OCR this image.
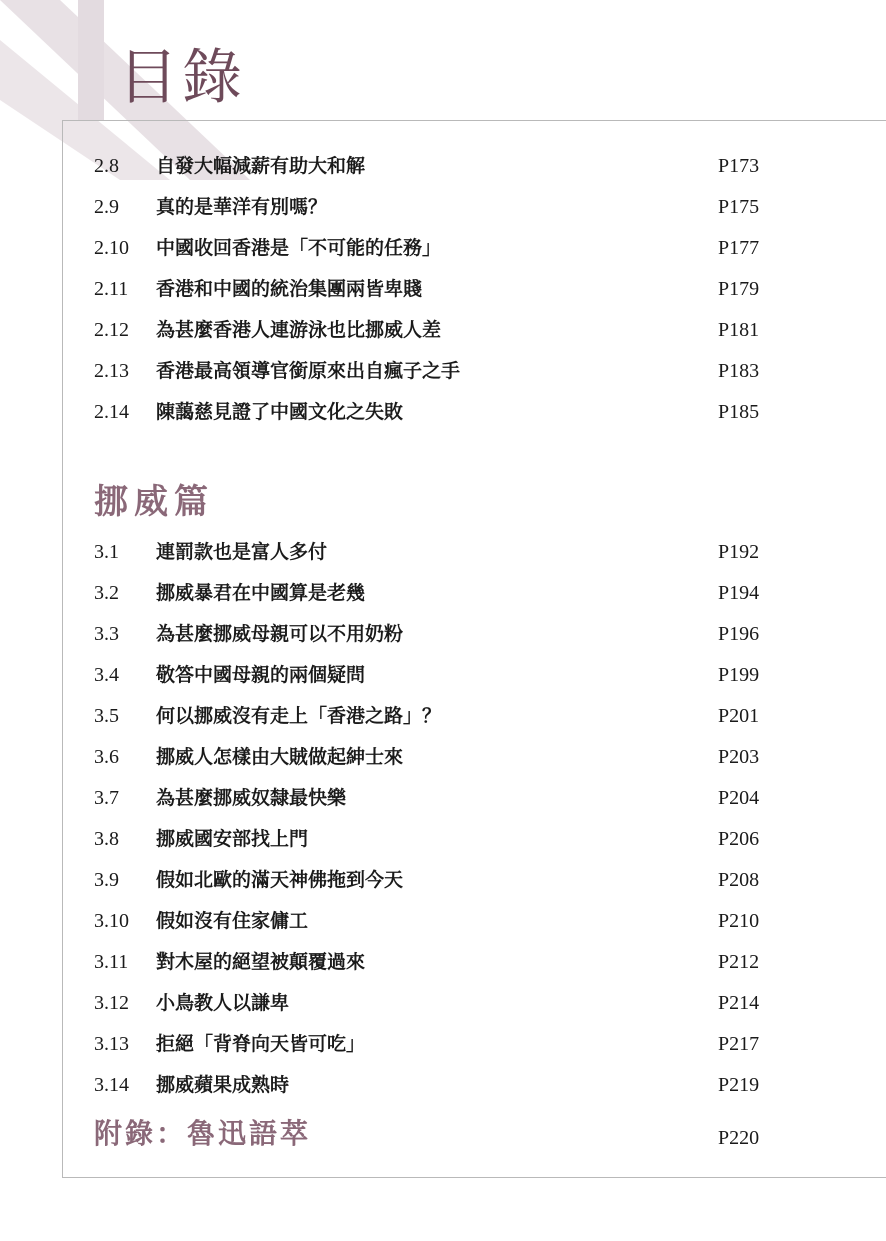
目錄
2.8	自發大幅減薪有助大和解	P173
2.9	真的是華洋有別嗎？	P175
2.10	中國收回香港是「不可能的任務」	P177
2.11	香港和中國的統治集團兩皆卑賤	P179
2.12	為甚麼香港人連游泳也比挪威人差	P181
2.13	香港最高領導官銜原來出自瘋子之手	P183
2.14	陳藹慈見證了中國文化之失敗	P185
挪威篇
3.1	連罰款也是富人多付	P192
3.2	挪威暴君在中國算是老幾	P194
3.3	為甚麼挪威母親可以不用奶粉	P196
3.4	敬答中國母親的兩個疑問	P199
3.5	何以挪威沒有走上「香港之路」？	P201
3.6	挪威人怎樣由大賊做起紳士來	P203
3.7	為甚麼挪威奴隸最快樂	P204
3.8	挪威國安部找上門	P206
3.9	假如北歐的滿天神佛拖到今天	P208
3.10	假如沒有住家傭工	P210
3.11	對木屋的絕望被顛覆過來	P212
3.12	小鳥教人以謙卑	P214
3.13	拒絕「背脊向天皆可吃」	P217
3.14	挪威蘋果成熟時	P219
附錄：魯迅語萃	P220
